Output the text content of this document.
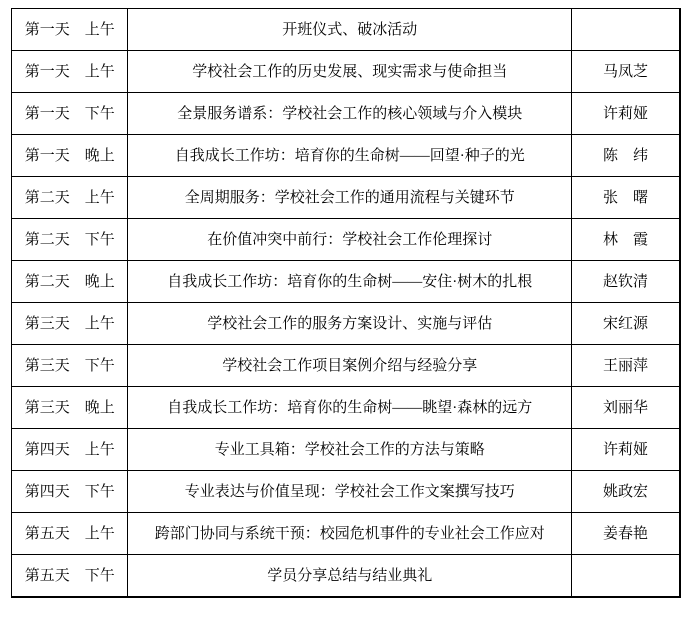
第一天 上午	开班仪式、破冰活动	

第一天 上午	学校社会工作的历史发展、现实需求与使命担当	马凤芝

第一天 下午	全景服务谱系：学校社会工作的核心领域与介入模块	许莉娅

第一天 晚上	自我成长工作坊：培育你的生命树——回望·种子的光	陈　纬

第二天 上午	全周期服务：学校社会工作的通用流程与关键环节	张　曙

第二天 下午	在价值冲突中前行：学校社会工作伦理探讨	林　霞

第二天 晚上	自我成长工作坊：培育你的生命树——安住·树木的扎根	赵钦清

第三天 上午	学校社会工作的服务方案设计、实施与评估	宋红源

第三天 下午	学校社会工作项目案例介绍与经验分享	王丽萍

第三天 晚上	自我成长工作坊：培育你的生命树——眺望·森林的远方	刘丽华

第四天 上午	专业工具箱：学校社会工作的方法与策略	许莉娅

第四天 下午	专业表达与价值呈现：学校社会工作文案撰写技巧	姚政宏

第五天 上午	跨部门协同与系统干预：校园危机事件的专业社会工作应对	姜春艳

第五天 下午	学员分享总结与结业典礼	
